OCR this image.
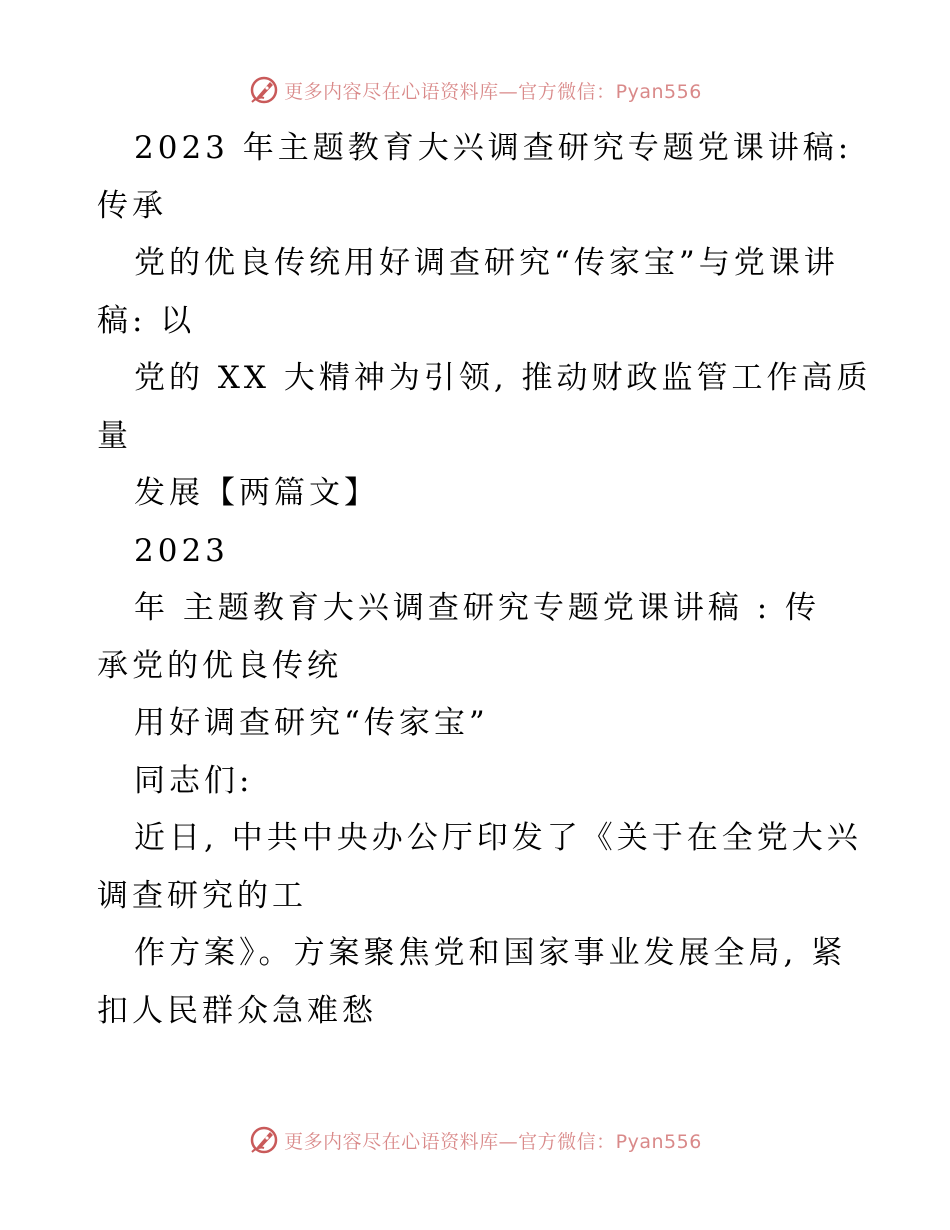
更多内容尽在心语资料库—官方微信：Pyan556
2023 年主题教育大兴调查研究专题党课讲稿:
传承
党的优良传统用好调查研究“传家宝”与党课讲
稿: 以
党的 XX 大精神为引领, 推动财政监管工作高质
量
发展【两篇文】
2023
年 主题教育大兴调查研究专题党课讲稿 : 传
承党的优良传统
用好调查研究“传家宝”
同志们:
近日, 中共中央办公厅印发了《关于在全党大兴
调查研究的工
作方案》。方案聚焦党和国家事业发展全局, 紧
扣人民群众急难愁
更多内容尽在心语资料库—官方微信：Pyan556
